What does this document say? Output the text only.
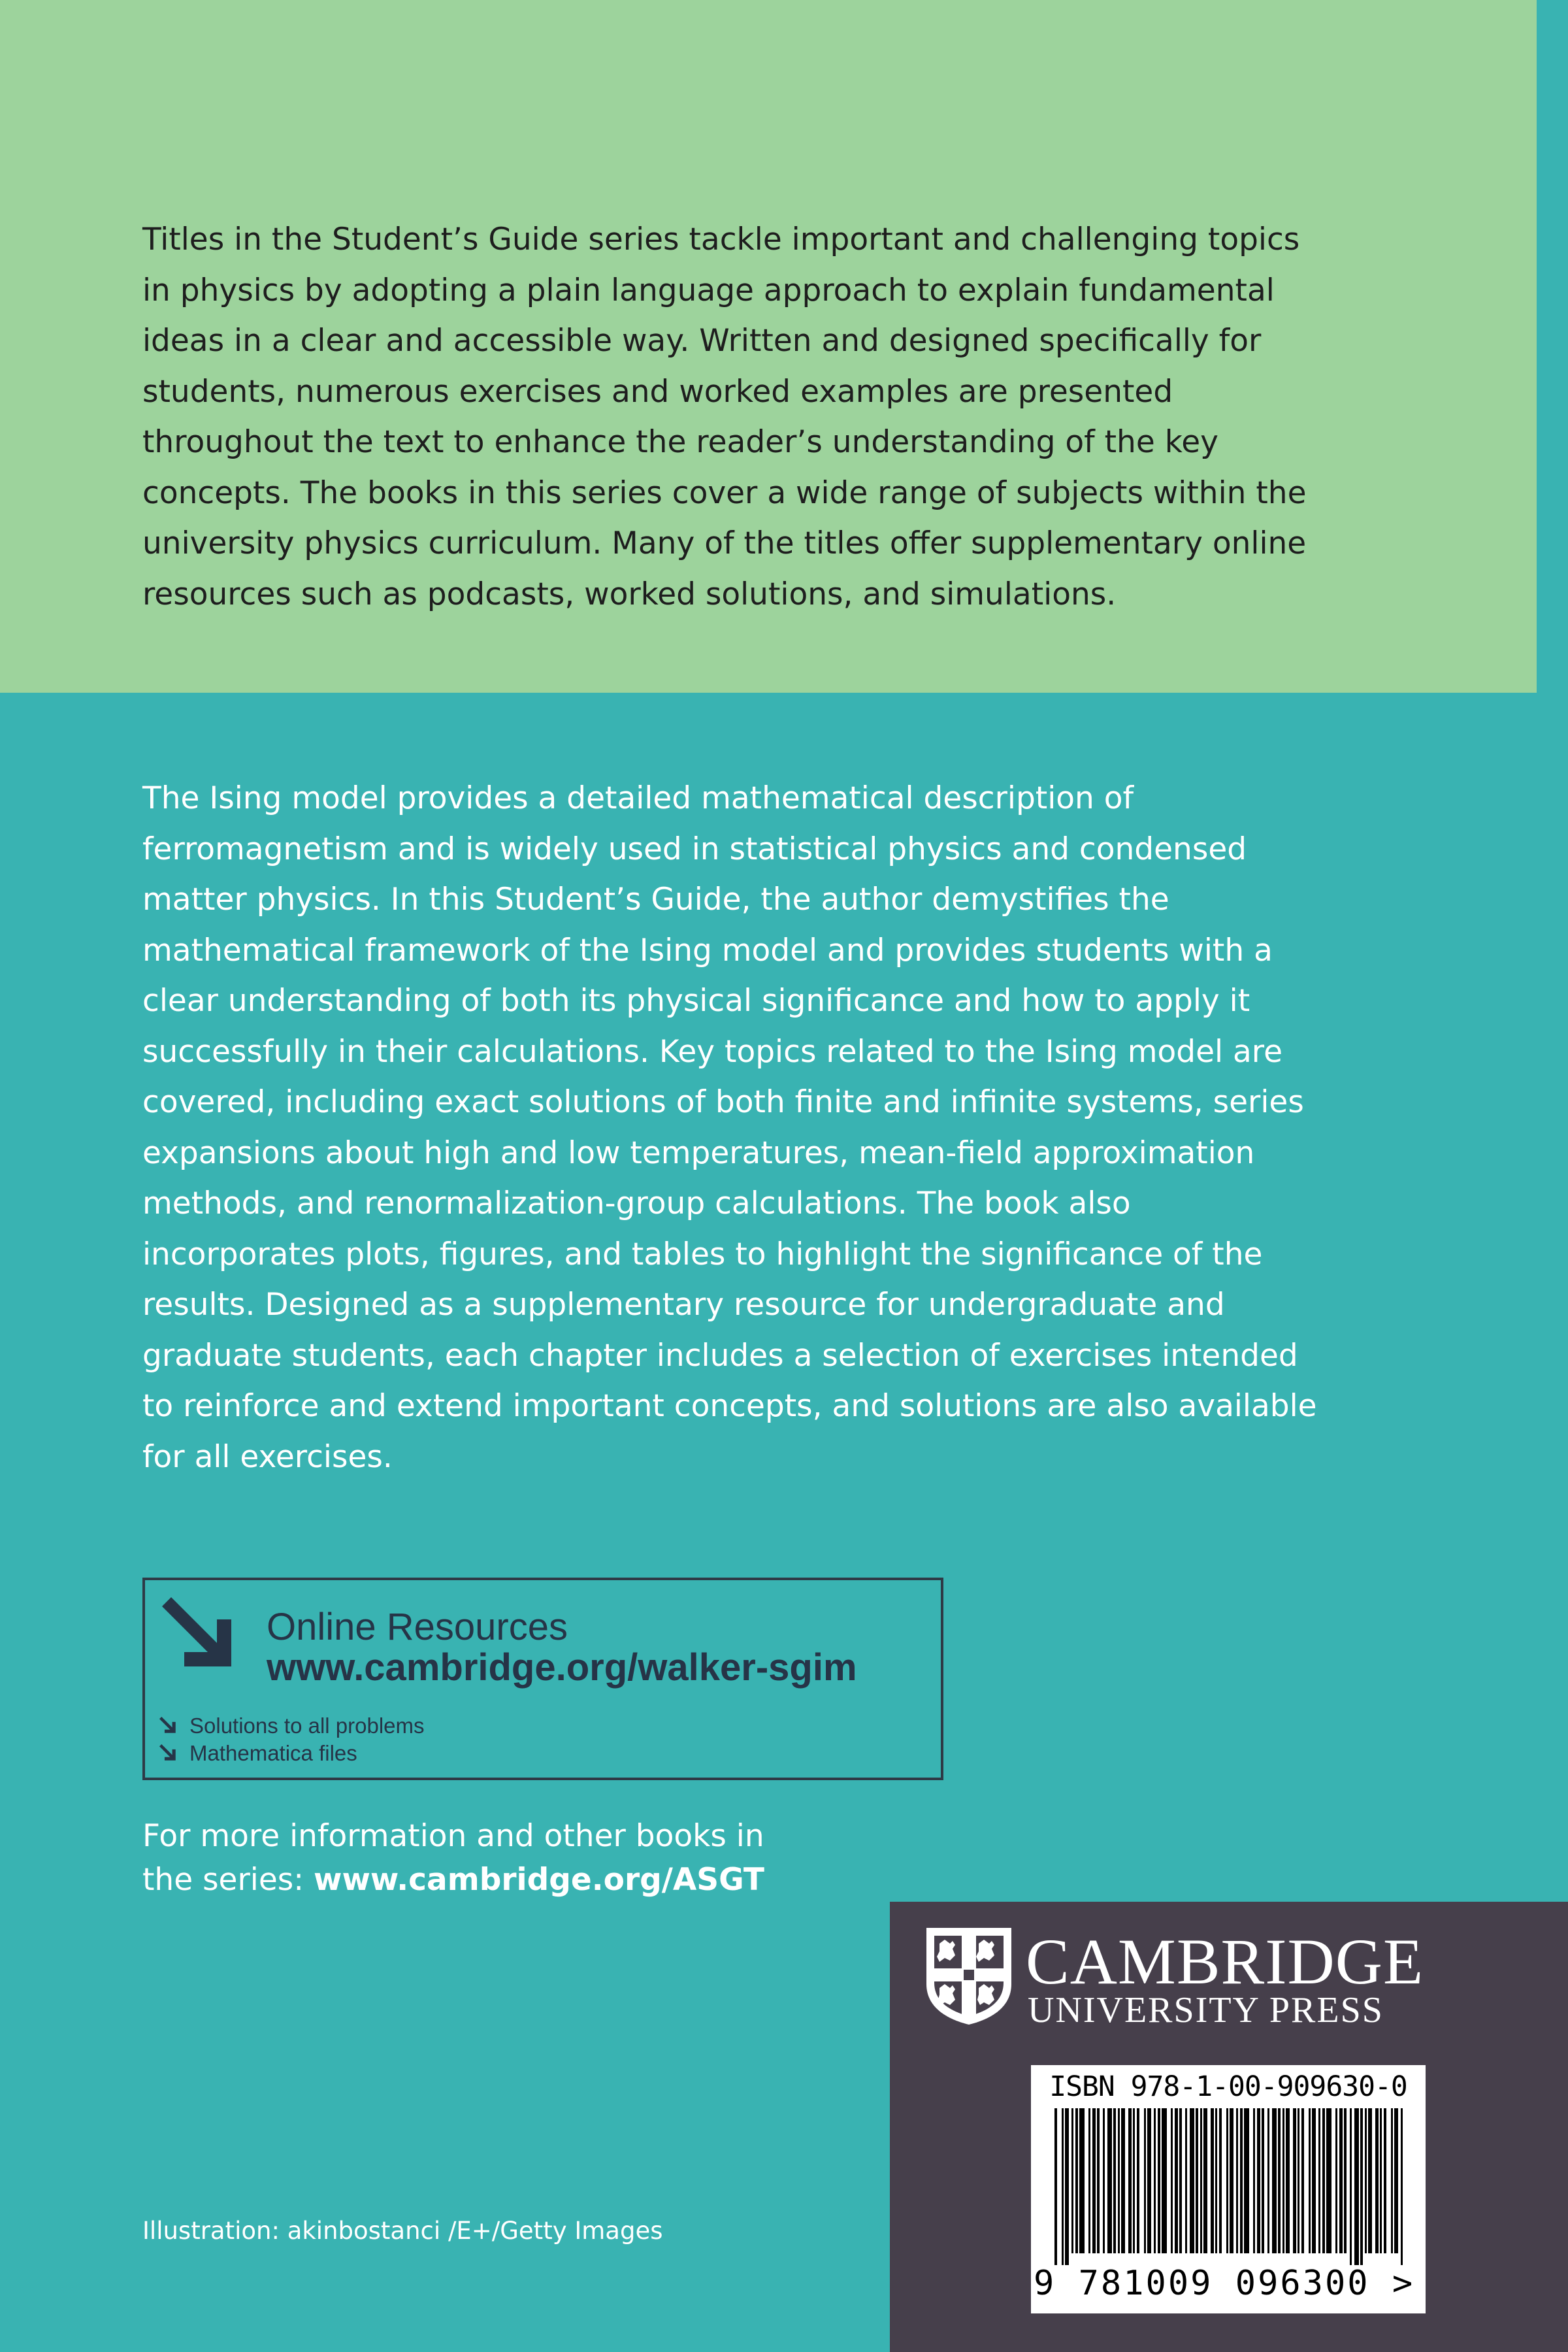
Titles in the Student’s Guide series tackle important and challenging topics in physics by adopting a plain language approach to explain fundamental ideas in a clear and accessible way. Written and designed specifically for students, numerous exercises and worked examples are presented throughout the text to enhance the reader’s understanding of the key concepts. The books in this series cover a wide range of subjects within the university physics curriculum. Many of the titles offer supplementary online resources such as podcasts, worked solutions, and simulations.

The Ising model provides a detailed mathematical description of ferromagnetism and is widely used in statistical physics and condensed matter physics. In this Student’s Guide, the author demystifies the mathematical framework of the Ising model and provides students with a clear understanding of both its physical significance and how to apply it successfully in their calculations. Key topics related to the Ising model are covered, including exact solutions of both finite and infinite systems, series expansions about high and low temperatures, mean-field approximation methods, and renormalization-group calculations. The book also incorporates plots, figures, and tables to highlight the significance of the results. Designed as a supplementary resource for undergraduate and graduate students, each chapter includes a selection of exercises intended to reinforce and extend important concepts, and solutions are also available for all exercises.

Online Resources
www.cambridge.org/walker-sgim
Solutions to all problems
Mathematica files

For more information and other books in the series: www.cambridge.org/ASGT

CAMBRIDGE
UNIVERSITY PRESS
ISBN 978-1-00-909630-0
9 781009 096300 >

Illustration: akinbostanci /E+/Getty Images
